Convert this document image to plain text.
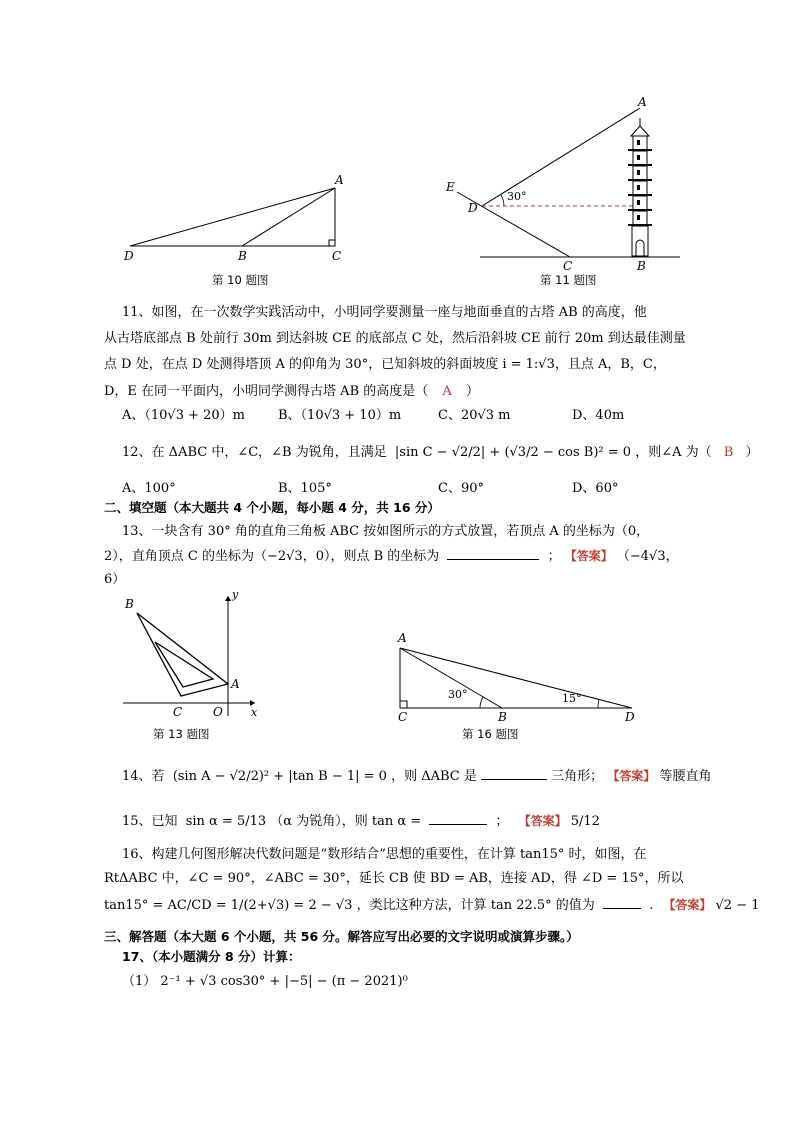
A
B	C
D
第 10 题图
A
B
C
D
E
30°
第 11 题图
11、如图，在一次数学实践活动中，小明同学要测量一座与地面垂直的古塔 AB 的高度，他
从古塔底部点 B 处前行 30m 到达斜坡 CE 的底部点 C 处，然后沿斜坡 CE 前行 20m 到达最佳测量
点 D 处，在点 D 处测得塔顶 A 的仰角为 30°，已知斜坡的斜面坡度 i = 1:√3，且点 A，B，C，
D，E 在同一平面内，小明同学测得古塔 AB 的高度是（ A ）
A、（10√3 + 20）m	B、（10√3 + 10）m	C、20√3 m	D、40m
12、在 ΔABC 中，∠C，∠B 为锐角，且满足 |sin C − √2/2| + (√3/2 − cos B)² = 0 ，则∠A 为（ B ）
A、100°	B、105°	C、90°	D、60°
二、填空题（本大题共 4 个小题，每小题 4 分，共 16 分）
13、一块含有 30° 角的直角三角板 ABC 按如图所示的方式放置，若顶点 A 的坐标为（0，
2），直角顶点 C 的坐标为（−2√3，0），则点 B 的坐标为	； 【答案】 （−4√3，
6）
B
C	O
A
x
y
第 13 题图
A
B
C	D
30°	15°
第 16 题图
14、若 (sin A − √2/2)² + |tan B − 1| = 0 ，则 ΔABC 是	三角形； 【答案】 等腰直角
15、已知 sin α = 5/13 （α 为锐角），则 tan α =	； 【答案】 5/12
16、构建几何图形解决代数问题是“数形结合”思想的重要性，在计算 tan15° 时，如图，在
RtΔABC 中，∠C = 90°，∠ABC = 30°，延长 CB 使 BD = AB，连接 AD，得 ∠D = 15°，所以
tan15° = AC/CD = 1/(2+√3) = 2 − √3 ，类比这种方法，计算 tan 22.5° 的值为	. 【答案】 √2 − 1
三、解答题（本大题 6 个小题，共 56 分。解答应写出必要的文字说明或演算步骤。）
17、（本小题满分 8 分）计算：
（1） 2⁻¹ + √3 cos30° + |−5| − (π − 2021)⁰
